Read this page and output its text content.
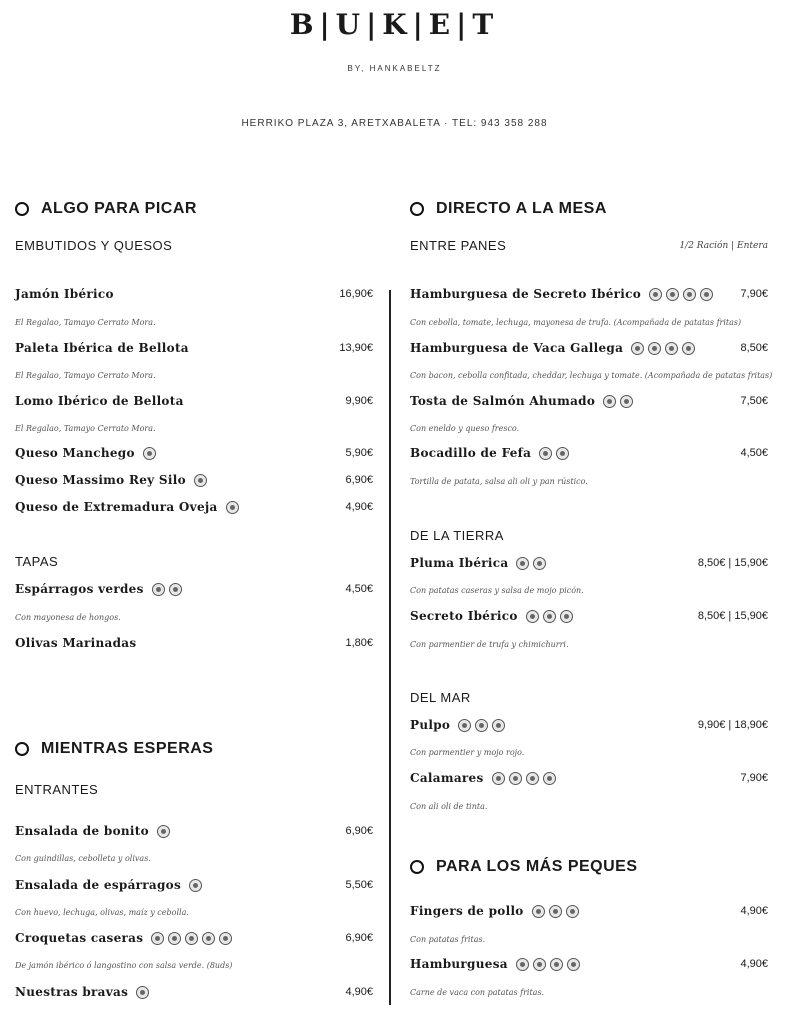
B|U|K|E|T
BY, HANKABELTZ
HERRIKO PLAZA 3, ARETXABALETA · TEL: 943 358 288
ALGO PARA PICAR
EMBUTIDOS Y QUESOS
Jamón Ibérico	16,90€
El Regalao, Tamayo Cerrato Mora.
Paleta Ibérica de Bellota	13,90€
El Regalao, Tamayo Cerrato Mora.
Lomo Ibérico de Bellota	9,90€
El Regalao, Tamayo Cerrato Mora.
Queso Manchego	5,90€
Queso Massimo Rey Silo	6,90€
Queso de Extremadura Oveja	4,90€
TAPAS
Espárragos verdes	4,50€
Con mayonesa de hongos.
Olivas Marinadas	1,80€
MIENTRAS ESPERAS
ENTRANTES
Ensalada de bonito	6,90€
Con guindillas, cebolleta y olivas.
Ensalada de espárragos	5,50€
Con huevo, lechuga, olivas, maíz y cebolla.
Croquetas caseras	6,90€
De jamón ibérico ó langostino con salsa verde. (8uds)
Nuestras bravas	4,90€
DIRECTO A LA MESA
ENTRE PANES	1/2 Ración | Entera
Hamburguesa de Secreto Ibérico	7,90€
Con cebolla, tomate, lechuga, mayonesa de trufa. (Acompañada de patatas fritas)
Hamburguesa de Vaca Gallega	8,50€
Con bacon, cebolla confitada, cheddar, lechuga y tomate. (Acompañada de patatas fritas)
Tosta de Salmón Ahumado	7,50€
Con eneldo y queso fresco.
Bocadillo de Fefa	4,50€
Tortilla de patata, salsa ali oli y pan rústico.
DE LA TIERRA
Pluma Ibérica	8,50€ | 15,90€
Con patatas caseras y salsa de mojo picón.
Secreto Ibérico	8,50€ | 15,90€
Con parmentier de trufa y chimichurri.
DEL MAR
Pulpo	9,90€ | 18,90€
Con parmentier y mojo rojo.
Calamares	7,90€
Con ali oli de tinta.
PARA LOS MÁS PEQUES
Fingers de pollo	4,90€
Con patatas fritas.
Hamburguesa	4,90€
Carne de vaca con patatas fritas.
